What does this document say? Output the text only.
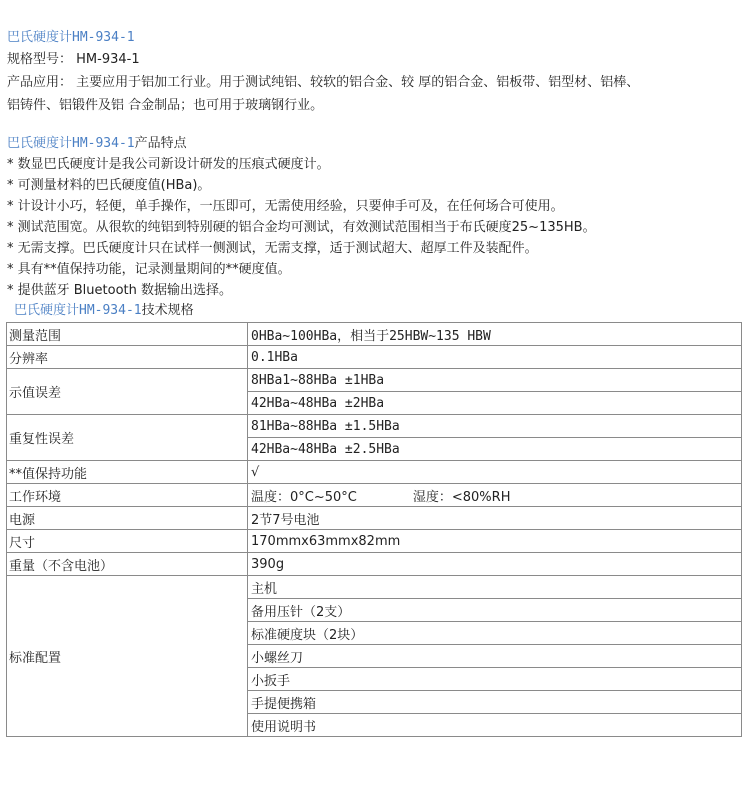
巴氏硬度计HM-934-1
规格型号： HM-934-1
产品应用： 主要应用于铝加工行业。用于测试纯铝、较软的铝合金、较 厚的铝合金、铝板带、铝型材、铝棒、
铝铸件、铝锻件及铝 合金制品；也可用于玻璃钢行业。
巴氏硬度计HM-934-1产品特点
* 数显巴氏硬度计是我公司新设计研发的压痕式硬度计。
* 可测量材料的巴氏硬度值(HBa)。
* 计设计小巧，轻便，单手操作，一压即可，无需使用经验，只要伸手可及，在任何场合可使用。
* 测试范围宽。从很软的纯铝到特别硬的铝合金均可测试，有效测试范围相当于布氏硬度25~135HB。
* 无需支撑。巴氏硬度计只在试样一侧测试，无需支撑，适于测试超大、超厚工件及装配件。
* 具有**值保持功能，记录测量期间的**硬度值。
* 提供蓝牙 Bluetooth 数据输出选择。
巴氏硬度计HM-934-1技术规格
测量范围	0HBa~100HBa，相当于25HBW~135 HBW
分辨率	0.1HBa
示值误差	8HBa1~88HBa ±1HBa
	42HBa~48HBa ±2HBa
重复性误差	81HBa~88HBa ±1.5HBa
	42HBa~48HBa ±2.5HBa
**值保持功能	√
工作环境	温度：0°C~50°C 湿度：<80%RH
电源	2节7号电池
尺寸	170mmx63mmx82mm
重量（不含电池）	390g
标准配置	主机
	备用压针（2支）
	标准硬度块（2块）
	小螺丝刀
	小扳手
	手提便携箱
	使用说明书
